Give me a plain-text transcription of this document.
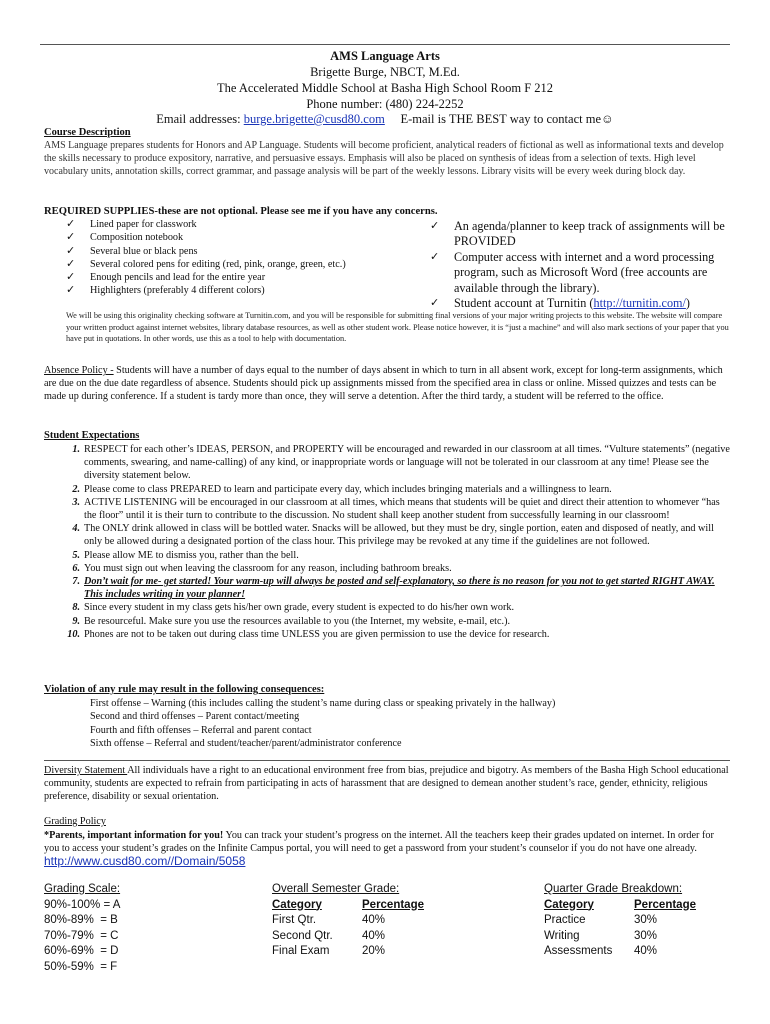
AMS Language Arts
Brigette Burge, NBCT, M.Ed.
The Accelerated Middle School at Basha High School Room F 212
Phone number: (480) 224-2252
Email addresses: burge.brigette@cusd80.com     E-mail is THE BEST way to contact me☺
Course Description
AMS Language prepares students for Honors and AP Language. Students will become proficient, analytical readers of fictional as well as informational texts and develop the skills necessary to produce expository, narrative, and persuasive essays. Emphasis will also be placed on synthesis of ideas from a selection of texts. High level vocabulary units, annotation skills, correct grammar, and passage analysis will be part of the weekly lessons. Library visits will be every week during block day.
REQUIRED SUPPLIES-these are not optional. Please see me if you have any concerns.
✓ Lined paper for classwork
✓ Composition notebook
✓ Several blue or black pens
✓ Several colored pens for editing (red, pink, orange, green, etc.)
✓ Enough pencils and lead for the entire year
✓ Highlighters (preferably 4 different colors)
✓ An agenda/planner to keep track of assignments will be PROVIDED
✓ Computer access with internet and a word processing program, such as Microsoft Word (free accounts are available through the library).
✓ Student account at Turnitin (http://turnitin.com/)
We will be using this originality checking software at Turnitin.com, and you will be responsible for submitting final versions of your major writing projects to this website. The website will compare your written product against internet websites, library database resources, as well as other student work. Please notice however, it is “just a machine” and will also mark sections of your paper that you have put in quotations. In other words, use this as a tool to help with documentation.
Absence Policy - Students will have a number of days equal to the number of days absent in which to turn in all absent work, except for long-term assignments, which are due on the due date regardless of absence. Students should pick up assignments missed from the specified area in class or online. Missed quizzes and tests can be made up during conference. If a student is tardy more than once, they will serve a detention. After the third tardy, a student will be referred to the office.
Student Expectations
1. RESPECT for each other’s IDEAS, PERSON, and PROPERTY will be encouraged and rewarded in our classroom at all times. “Vulture statements” (negative comments, swearing, and name-calling) of any kind, or inappropriate words or language will not be tolerated in our classroom at any time! Please see the diversity statement below.
2. Please come to class PREPARED to learn and participate every day, which includes bringing materials and a willingness to learn.
3. ACTIVE LISTENING will be encouraged in our classroom at all times, which means that students will be quiet and direct their attention to whomever “has the floor” until it is their turn to contribute to the discussion. No student shall keep another student from successfully learning in our classroom!
4. The ONLY drink allowed in class will be bottled water. Snacks will be allowed, but they must be dry, single portion, eaten and disposed of neatly, and will only be allowed during a designated portion of the class hour. This privilege may be revoked at any time if the guidelines are not followed.
5. Please allow ME to dismiss you, rather than the bell.
6. You must sign out when leaving the classroom for any reason, including bathroom breaks.
7. Don’t wait for me- get started! Your warm-up will always be posted and self-explanatory, so there is no reason for you not to get started RIGHT AWAY. This includes writing in your planner!
8. Since every student in my class gets his/her own grade, every student is expected to do his/her own work.
9. Be resourceful. Make sure you use the resources available to you (the Internet, my website, e-mail, etc.).
10. Phones are not to be taken out during class time UNLESS you are given permission to use the device for research.
Violation of any rule may result in the following consequences:
First offense – Warning (this includes calling the student’s name during class or speaking privately in the hallway)
Second and third offenses – Parent contact/meeting
Fourth and fifth offenses – Referral and parent contact
Sixth offense – Referral and student/teacher/parent/administrator conference
Diversity Statement All individuals have a right to an educational environment free from bias, prejudice and bigotry. As members of the Basha High School educational community, students are expected to refrain from participating in acts of harassment that are designed to demean another student’s race, gender, ethnicity, religious preference, disability or sexual orientation.
Grading Policy
*Parents, important information for you! You can track your student’s progress on the internet. All the teachers keep their grades updated on internet. In order for you to access your student’s grades on the Infinite Campus portal, you will need to get a password from your student’s counselor if you do not have one already. http://www.cusd80.com//Domain/5058
Grading Scale:
90%-100% = A
80%-89%  = B
70%-79%  = C
60%-69%  = D
50%-59%  = F
Overall Semester Grade:
Category	Percentage
First Qtr.	40%
Second Qtr.	40%
Final Exam	20%
Quarter Grade Breakdown:
Category	Percentage
Practice	30%
Writing	30%
Assessments	40%
